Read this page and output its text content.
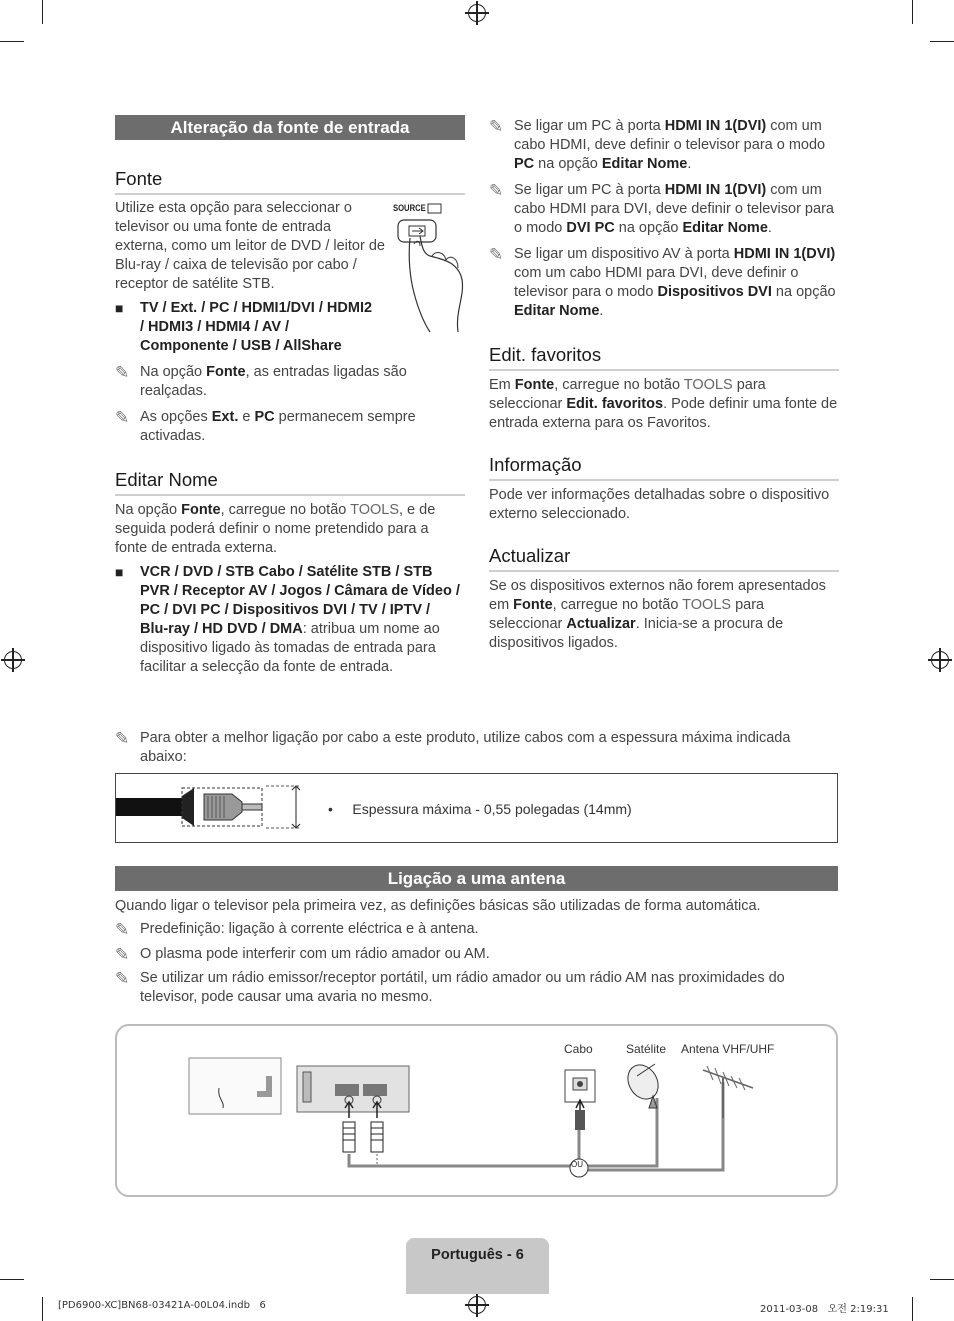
Alteração da fonte de entrada
Fonte
Utilize esta opção para seleccionar o televisor ou uma fonte de entrada externa, como um leitor de DVD / leitor de Blu-ray / caixa de televisão por cabo / receptor de satélite STB.
SOURCE
■ TV / Ext. / PC / HDMI1/DVI / HDMI2 / HDMI3 / HDMI4 / AV / Componente / USB / AllShare
✎ Na opção Fonte, as entradas ligadas são realçadas.
✎ As opções Ext. e PC permanecem sempre activadas.
Editar Nome
Na opção Fonte, carregue no botão TOOLS, e de seguida poderá definir o nome pretendido para a fonte de entrada externa.
■ VCR / DVD / STB Cabo / Satélite STB / STB PVR / Receptor AV / Jogos / Câmara de Vídeo / PC / DVI PC / Dispositivos DVI / TV / IPTV / Blu-ray / HD DVD / DMA: atribua um nome ao dispositivo ligado às tomadas de entrada para facilitar a selecção da fonte de entrada.
✎ Se ligar um PC à porta HDMI IN 1(DVI) com um cabo HDMI, deve definir o televisor para o modo PC na opção Editar Nome.
✎ Se ligar um PC à porta HDMI IN 1(DVI) com um cabo HDMI para DVI, deve definir o televisor para o modo DVI PC na opção Editar Nome.
✎ Se ligar um dispositivo AV à porta HDMI IN 1(DVI) com um cabo HDMI para DVI, deve definir o televisor para o modo Dispositivos DVI na opção Editar Nome.
Edit. favoritos
Em Fonte, carregue no botão TOOLS para seleccionar Edit. favoritos. Pode definir uma fonte de entrada externa para os Favoritos.
Informação
Pode ver informações detalhadas sobre o dispositivo externo seleccionado.
Actualizar
Se os dispositivos externos não forem apresentados em Fonte, carregue no botão TOOLS para seleccionar Actualizar. Inicia-se a procura de dispositivos ligados.
✎ Para obter a melhor ligação por cabo a este produto, utilize cabos com a espessura máxima indicada abaixo:
•     Espessura máxima - 0,55 polegadas (14mm)
Ligação a uma antena
Quando ligar o televisor pela primeira vez, as definições básicas são utilizadas de forma automática.
✎ Predefinição: ligação à corrente eléctrica e à antena.
✎ O plasma pode interferir com um rádio amador ou AM.
✎ Se utilizar um rádio emissor/receptor portátil, um rádio amador ou um rádio AM nas proximidades do televisor, pode causar uma avaria no mesmo.
Cabo	Satélite Antena VHF/UHF
OU
Português - 6
[PD6900-XC]BN68-03421A-00L04.indb   6	2011-03-08   오전 2:19:31
